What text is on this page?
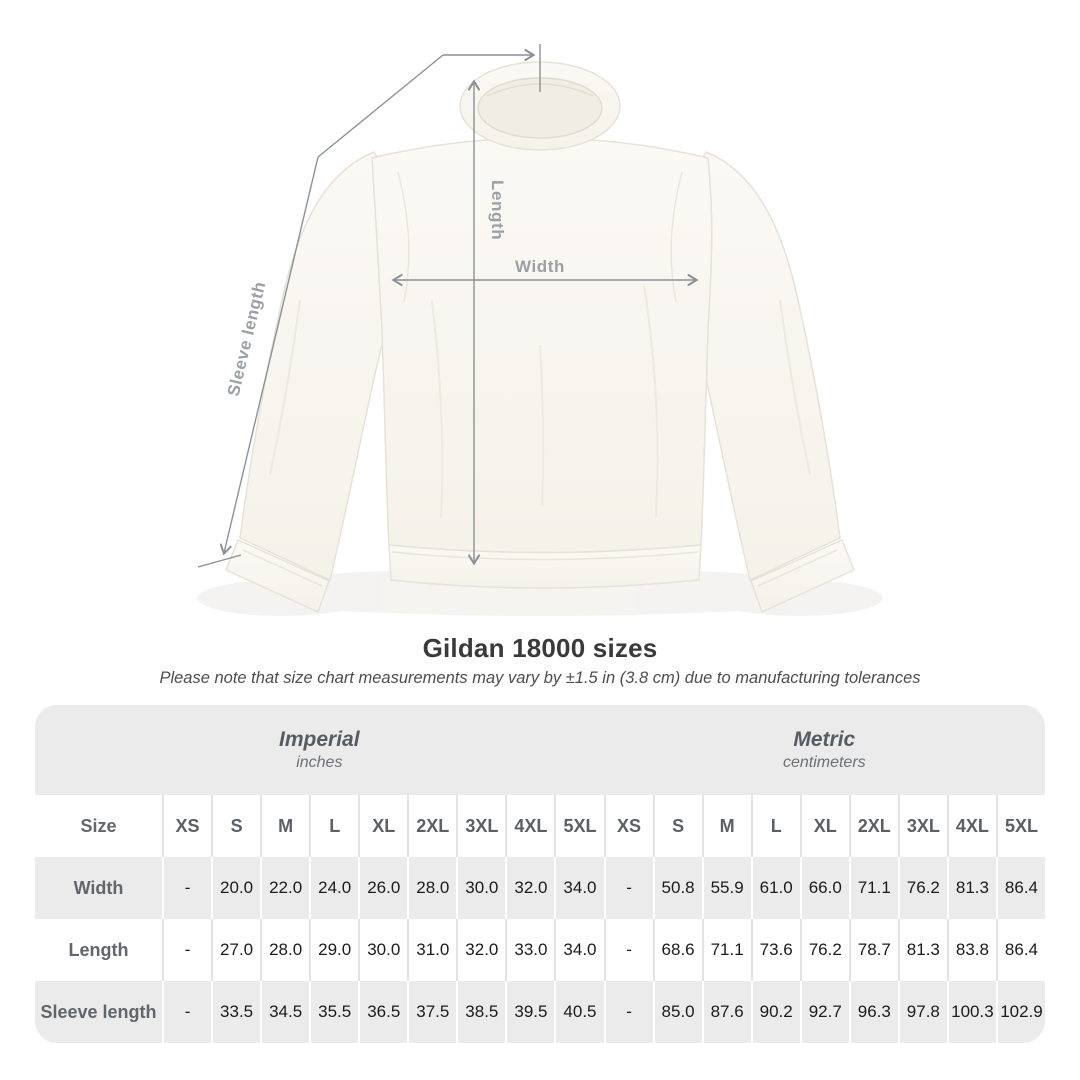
Length
Width
Sleeve length
Gildan 18000 sizes
Please note that size chart measurements may vary by ±1.5 in (3.8 cm) due to manufacturing tolerances
Imperial
inches
Metric
centimeters
Size	XS	S	M	L	XL	2XL 3XL 4XL 5XL	XS	S	M	L	XL	2XL 3XL 4XL 5XL
Width	-	20.0 22.0 24.0 26.0 28.0 30.0 32.0 34.0	-	50.8 55.9 61.0 66.0 71.1 76.2 81.3 86.4
Length	-	27.0 28.0 29.0 30.0 31.0 32.0 33.0 34.0	-	68.6 71.1 73.6 76.2 78.7 81.3 83.8 86.4
Sleeve length	-	33.5 34.5 35.5 36.5 37.5 38.5 39.5 40.5	-	85.0 87.6 90.2 92.7 96.3 97.8 100.3 102.9
